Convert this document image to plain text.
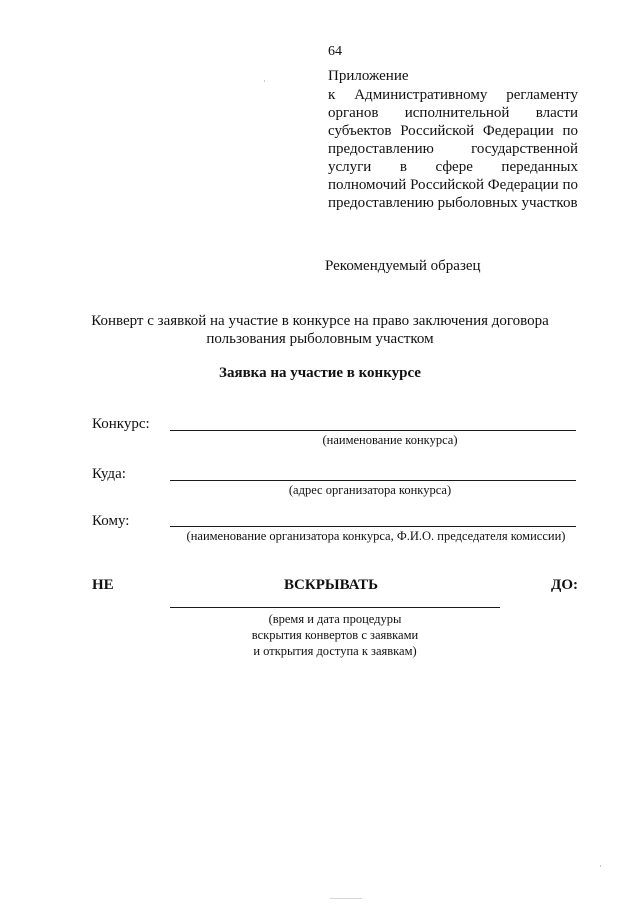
64
Приложение
к Административному регламенту органов исполнительной власти субъектов Российской Федерации по предоставлению государственной услуги в сфере переданных полномочий Российской Федерации по предоставлению рыболовных участков
Рекомендуемый образец
Конверт с заявкой на участие в конкурсе на право заключения договора
пользования рыболовным участком
Заявка на участие в конкурсе
Конкурс:
(наименование конкурса)
Куда:
(адрес организатора конкурса)
Кому:
(наименование организатора конкурса, Ф.И.О. председателя комиссии)
НЕ	ВСКРЫВАТЬ	ДО:
(время и дата процедуры
вскрытия конвертов с заявками
и открытия доступа к заявкам)
